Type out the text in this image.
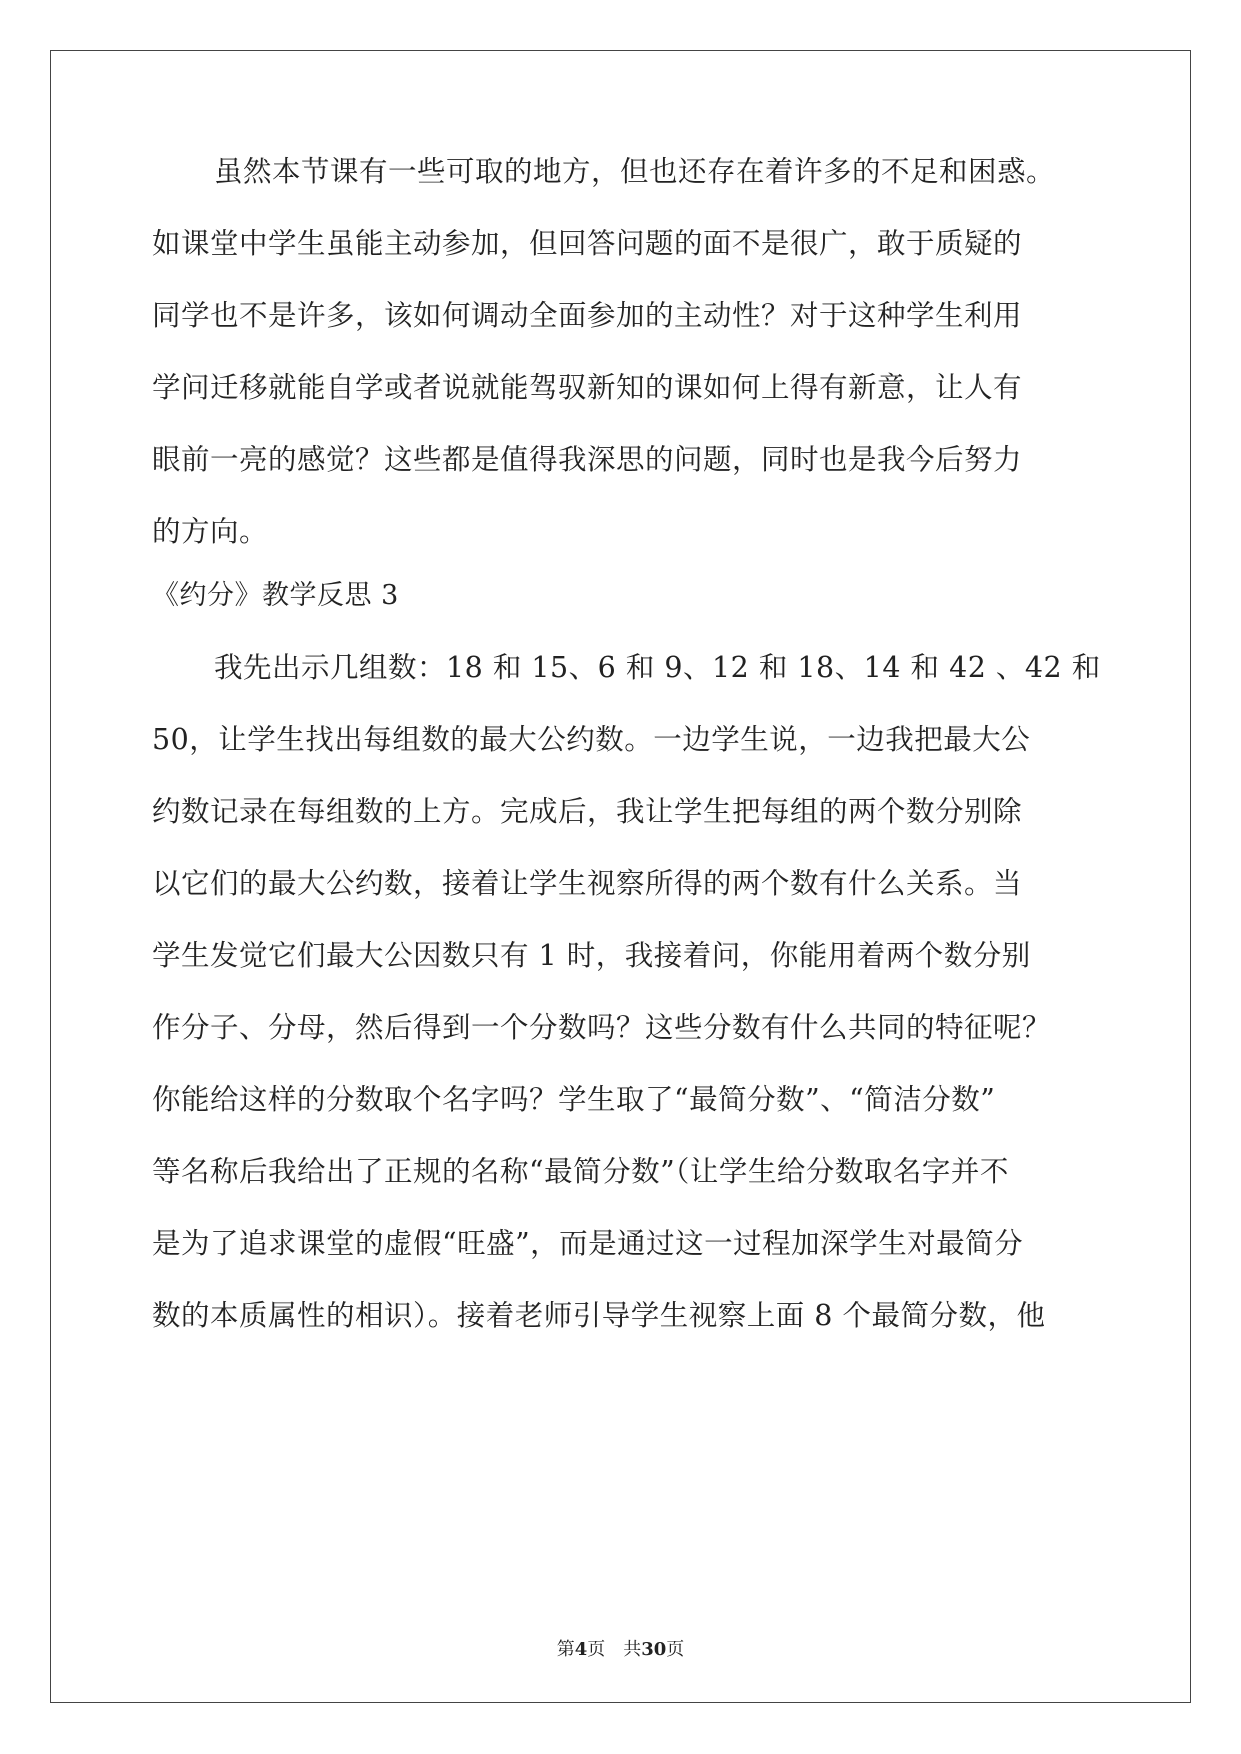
虽然本节课有一些可取的地方，但也还存在着许多的不足和困惑。
如课堂中学生虽能主动参加，但回答问题的面不是很广，敢于质疑的
同学也不是许多，该如何调动全面参加的主动性？对于这种学生利用
学问迁移就能自学或者说就能驾驭新知的课如何上得有新意，让人有
眼前一亮的感觉？这些都是值得我深思的问题，同时也是我今后努力
的方向。
《约分》教学反思 3
我先出示几组数：18 和 15、6 和 9、12 和 18、14 和 42 、42 和
50，让学生找出每组数的最大公约数。一边学生说，一边我把最大公
约数记录在每组数的上方。完成后，我让学生把每组的两个数分别除
以它们的最大公约数，接着让学生视察所得的两个数有什么关系。当
学生发觉它们最大公因数只有 1 时，我接着问，你能用着两个数分别
作分子、分母，然后得到一个分数吗？这些分数有什么共同的特征呢？
你能给这样的分数取个名字吗？学生取了“最简分数”、“简洁分数”
等名称后我给出了正规的名称“最简分数”（让学生给分数取名字并不
是为了追求课堂的虚假“旺盛”，而是通过这一过程加深学生对最简分
数的本质属性的相识）。接着老师引导学生视察上面 8 个最简分数，他
第4页 共30页
